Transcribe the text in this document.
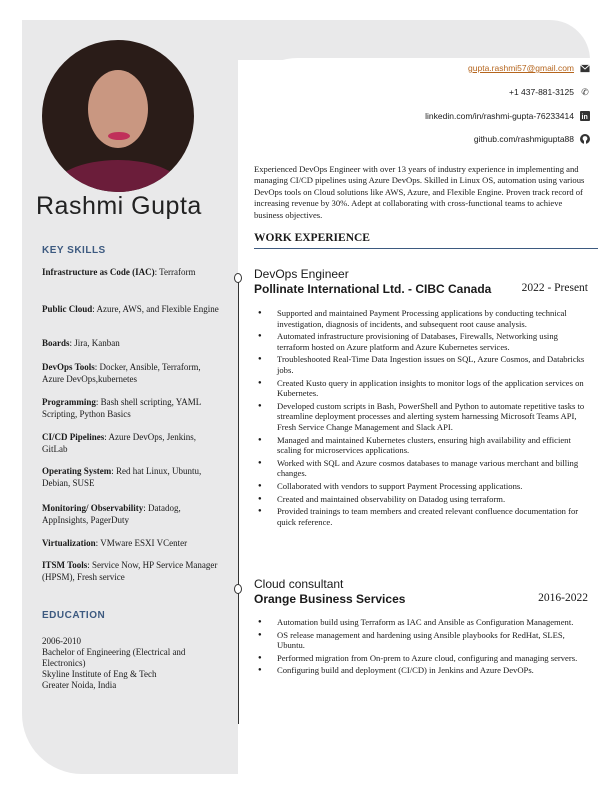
Rashmi Gupta
gupta.rashmi57@gmail.com
+1 437-881-3125 ✆
linkedin.com/in/rashmi-gupta-76233414 in
github.com/rashmigupta88
Experienced DevOps Engineer with over 13 years of industry experience in implementing and managing CI/CD pipelines using Azure DevOps. Skilled in Linux OS, automation using various DevOps tools on Cloud solutions like AWS, Azure, and Flexible Engine. Proven track record of increasing revenue by 30%. Adept at collaborating with cross-functional teams to achieve business objectives.
KEY SKILLS
Infrastructure as Code (IAC): Terraform
Public Cloud: Azure, AWS, and Flexible Engine
Boards: Jira, Kanban
DevOps Tools: Docker, Ansible, Terraform, Azure DevOps,kubernetes
Programming: Bash shell scripting, YAML Scripting, Python Basics
CI/CD Pipelines: Azure DevOps, Jenkins, GitLab
Operating System: Red hat Linux, Ubuntu, Debian, SUSE
Monitoring/ Observability: Datadog, AppInsights, PagerDuty
Virtualization: VMware ESXI VCenter
ITSM Tools: Service Now, HP Service Manager (HPSM), Fresh service
EDUCATION
2006-2010
Bachelor of Engineering (Electrical and Electronics)
Skyline Institute of Eng & Tech
Greater Noida, India
WORK EXPERIENCE
DevOps Engineer
Pollinate International Ltd. - CIBC Canada	2022 - Present
● Supported and maintained Payment Processing applications by conducting technical investigation, diagnosis of incidents, and subsequent root cause analysis.
● Automated infrastructure provisioning of Databases, Firewalls, Networking using terraform hosted on Azure platform and Azure Kubernetes services.
● Troubleshooted Real-Time Data Ingestion issues on SQL, Azure Cosmos, and Databricks jobs.
● Created Kusto query in application insights to monitor logs of the application services on Kubernetes.
● Developed custom scripts in Bash, PowerShell and Python to automate repetitive tasks to streamline deployment processes and alerting system harnessing Microsoft Teams API, Fresh Service Change Management and Slack API.
● Managed and maintained Kubernetes clusters, ensuring high availability and efficient scaling for microservices applications.
● Worked with SQL and Azure cosmos databases to manage various merchant and billing changes.
● Collaborated with vendors to support Payment Processing applications.
● Created and maintained observability on Datadog using terraform.
● Provided trainings to team members and created relevant confluence documentation for quick reference.
Cloud consultant
Orange Business Services	2016-2022
● Automation build using Terraform as IAC and Ansible as Configuration Management.
● OS release management and hardening using Ansible playbooks for RedHat, SLES, Ubuntu.
● Performed migration from On-prem to Azure cloud, configuring and managing servers.
● Configuring build and deployment (CI/CD) in Jenkins and Azure DevOPs.
